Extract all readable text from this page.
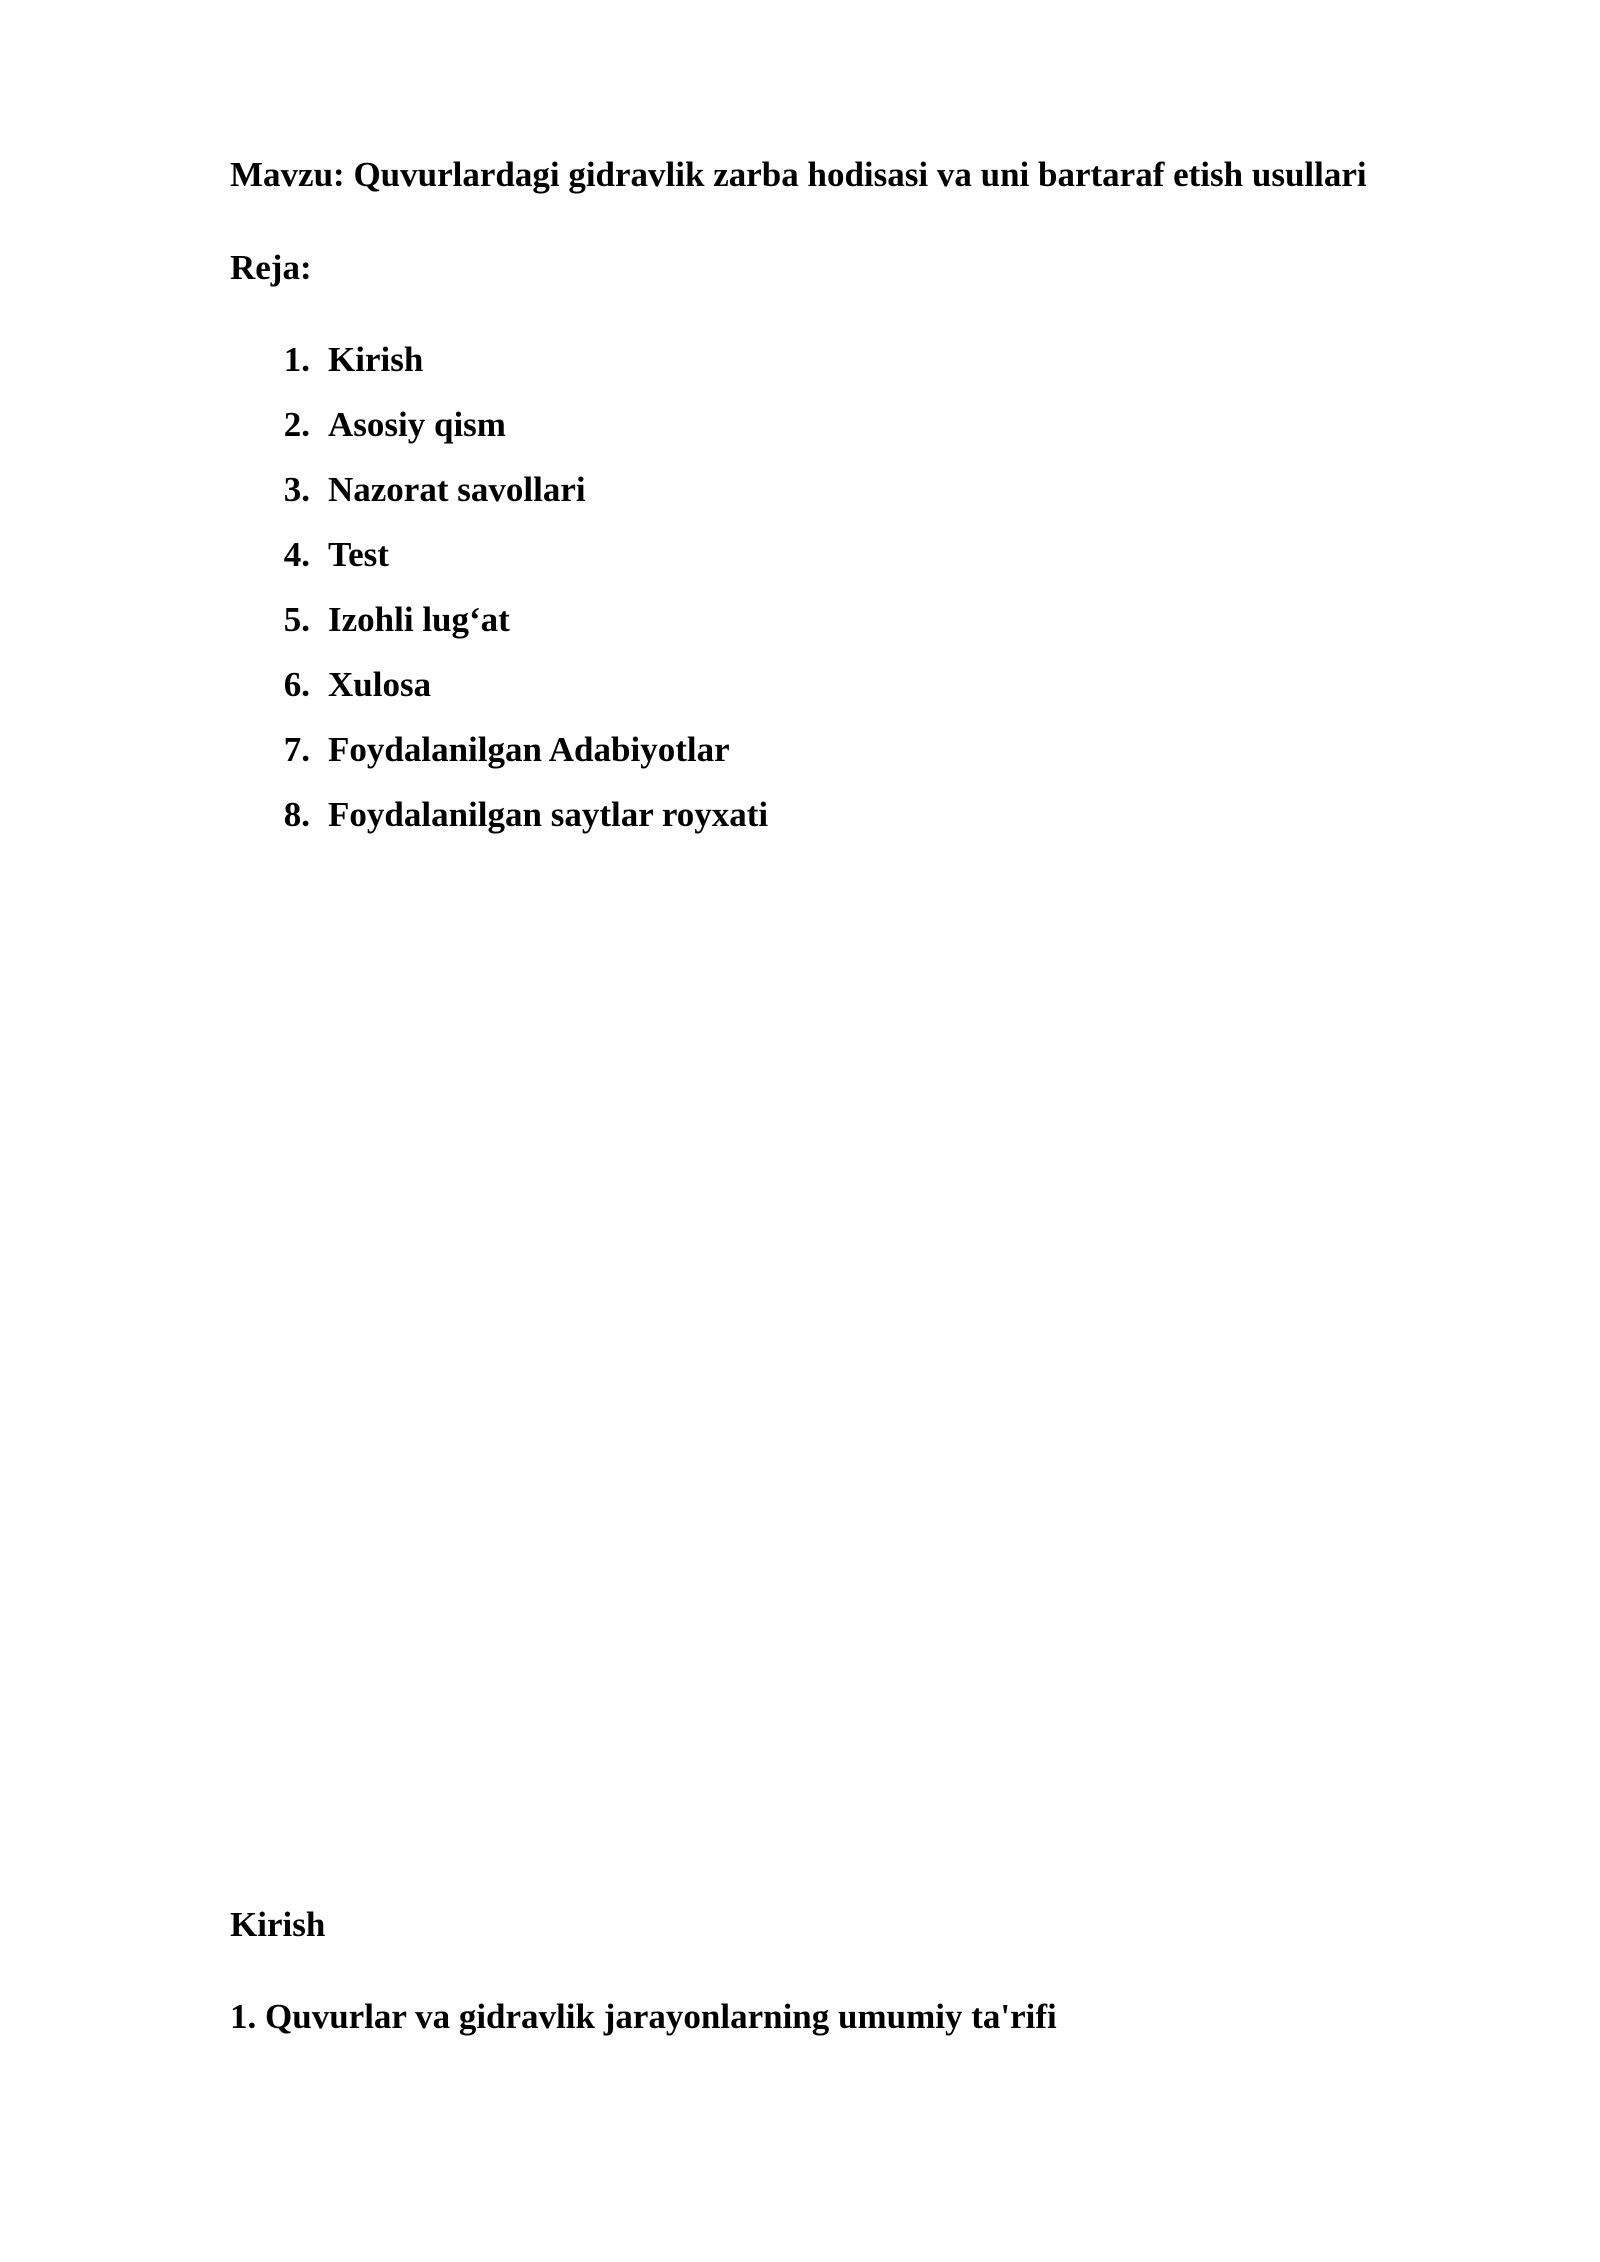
Mavzu: Quvurlardagi gidravlik zarba hodisasi va uni bartaraf etish usullari

Reja:

1. Kirish
2. Asosiy qism
3. Nazorat savollari
4. Test
5. Izohli lug‘at
6. Xulosa
7. Foydalanilgan Adabiyotlar
8. Foydalanilgan saytlar royxati

Kirish

1. Quvurlar va gidravlik jarayonlarning umumiy ta'rifi
